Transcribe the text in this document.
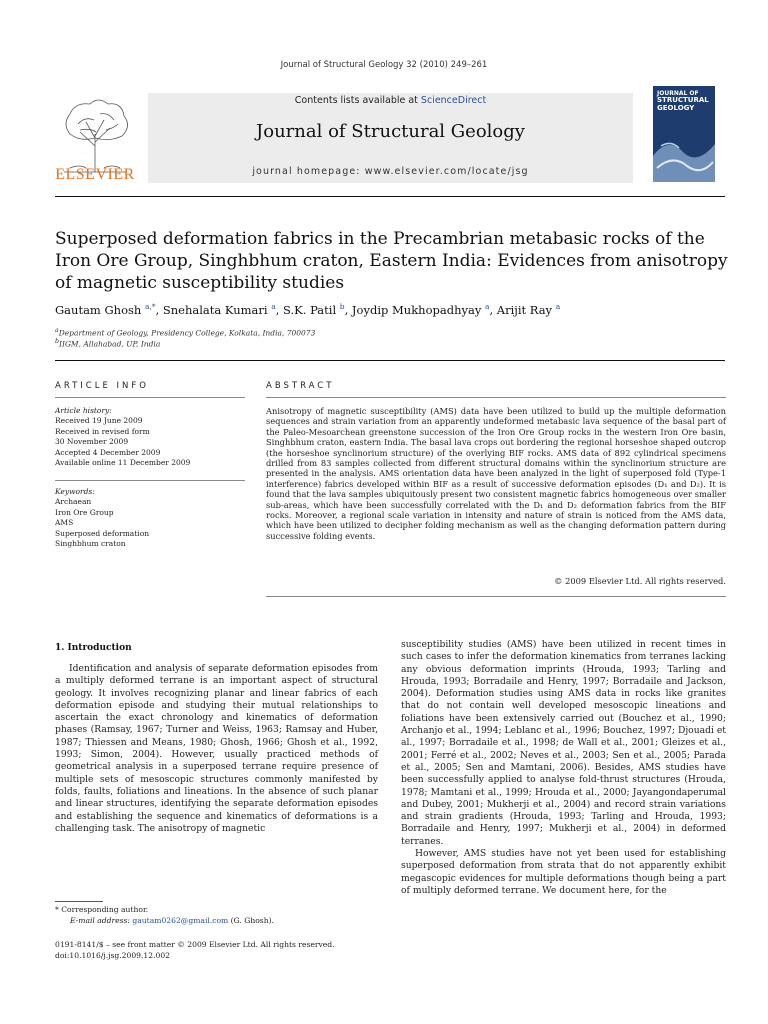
Journal of Structural Geology 32 (2010) 249–261
ELSEVIER
Contents lists available at ScienceDirect
Journal of Structural Geology
journal homepage: www.elsevier.com/locate/jsg
JOURNAL OF
STRUCTURAL
GEOLOGY
Superposed deformation fabrics in the Precambrian metabasic rocks of the Iron Ore Group, Singhbhum craton, Eastern India: Evidences from anisotropy of magnetic susceptibility studies
Gautam Ghosh $^{a,*}$, Snehalata Kumari $^a$, S.K. Patil $^b$, Joydip Mukhopadhyay $^a$, Arijit Ray $^a$
$^a$Department of Geology, Presidency College, Kolkata, India, 700073
$^b$IIGM, Allahabad, UP, India
ARTICLE INFO
Article history:
Received 19 June 2009
Received in revised form
30 November 2009
Accepted 4 December 2009
Available online 11 December 2009
Keywords:
Archaean
Iron Ore Group
AMS
Superposed deformation
Singhbhum craton
ABSTRACT
Anisotropy of magnetic susceptibility (AMS) data have been utilized to build up the multiple deformation sequences and strain variation from an apparently undeformed metabasic lava sequence of the basal part of the Paleo-Mesoarchean greenstone succession of the Iron Ore Group rocks in the western Iron Ore basin, Singhbhum craton, eastern India. The basal lava crops out bordering the regional horseshoe shaped outcrop (the horseshoe synclinorium structure) of the overlying BIF rocks. AMS data of 892 cylindrical specimens drilled from 83 samples collected from different structural domains within the synclinorium structure are presented in the analysis. AMS orientation data have been analyzed in the light of superposed fold (Type-1 interference) fabrics developed within BIF as a result of successive deformation episodes (D₁ and D₂). It is found that the lava samples ubiquitously present two consistent magnetic fabrics homogeneous over smaller sub-areas, which have been successfully correlated with the D₁ and D₂ deformation fabrics from the BIF rocks. Moreover, a regional scale variation in intensity and nature of strain is noticed from the AMS data, which have been utilized to decipher folding mechanism as well as the changing deformation pattern during successive folding events.
© 2009 Elsevier Ltd. All rights reserved.
1. Introduction
Identification and analysis of separate deformation episodes from a multiply deformed terrane is an important aspect of structural geology. It involves recognizing planar and linear fabrics of each deformation episode and studying their mutual relationships to ascertain the exact chronology and kinematics of deformation phases (Ramsay, 1967; Turner and Weiss, 1963; Ramsay and Huber, 1987; Thiessen and Means, 1980; Ghosh, 1966; Ghosh et al., 1992, 1993; Simon, 2004). However, usually practiced methods of geometrical analysis in a superposed terrane require presence of multiple sets of mesoscopic structures commonly manifested by folds, faults, foliations and lineations. In the absence of such planar and linear structures, identifying the separate deformation episodes and establishing the sequence and kinematics of deformations is a challenging task. The anisotropy of magnetic

susceptibility studies (AMS) have been utilized in recent times in such cases to infer the deformation kinematics from terranes lacking any obvious deformation imprints (Hrouda, 1993; Tarling and Hrouda, 1993; Borradaile and Henry, 1997; Borradaile and Jackson, 2004). Deformation studies using AMS data in rocks like granites that do not contain well developed mesoscopic lineations and foliations have been extensively carried out (Bouchez et al., 1990; Archanjo et al., 1994; Leblanc et al., 1996; Bouchez, 1997; Djouadi et al., 1997; Borradaile et al., 1998; de Wall et al., 2001; Gleizes et al., 2001; Ferré et al., 2002; Neves et al., 2003; Sen et al., 2005; Parada et al., 2005; Sen and Mamtani, 2006). Besides, AMS studies have been successfully applied to analyse fold-thrust structures (Hrouda, 1978; Mamtani et al., 1999; Hrouda et al., 2000; Jayangondaperumal and Dubey, 2001; Mukherji et al., 2004) and record strain variations and strain gradients (Hrouda, 1993; Tarling and Hrouda, 1993; Borradaile and Henry, 1997; Mukherji et al., 2004) in deformed terranes.

However, AMS studies have not yet been used for establishing superposed deformation from strata that do not apparently exhibit megascopic evidences for multiple deformations though being a part of multiply deformed terrane. We document here, for the

* Corresponding author.
E-mail address: gautam0262@gmail.com (G. Ghosh).
0191-8141/$ – see front matter © 2009 Elsevier Ltd. All rights reserved.
doi:10.1016/j.jsg.2009.12.002
